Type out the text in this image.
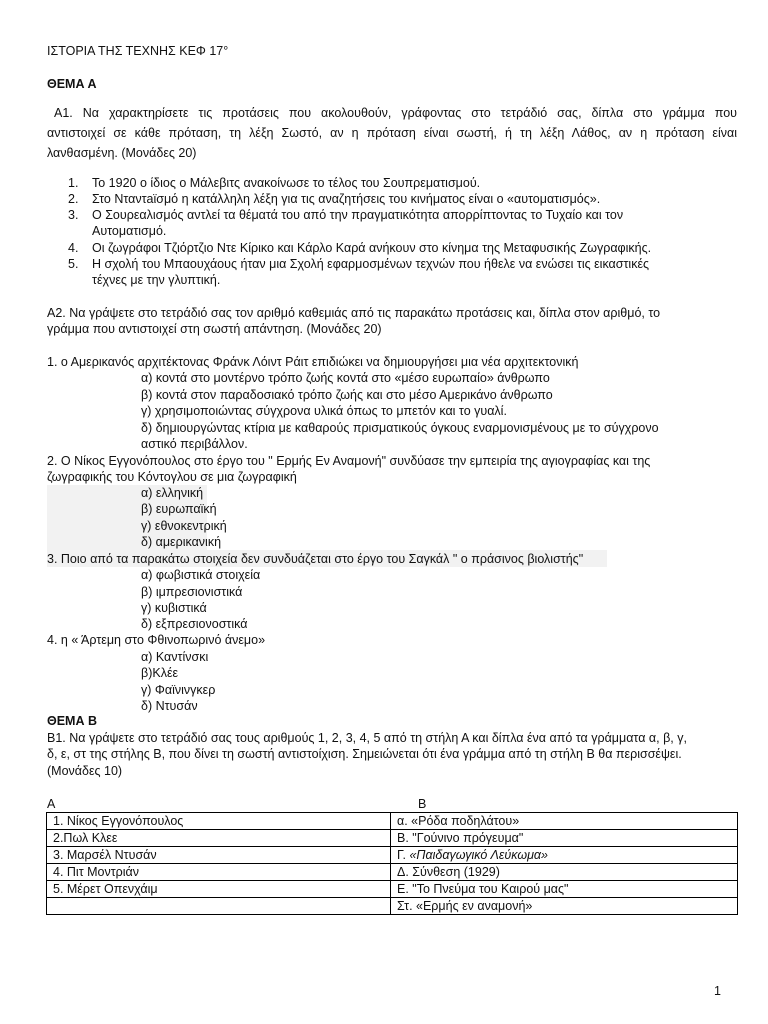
ΙΣΤΟΡΙΑ ΤΗΣ ΤΕΧΝΗΣ ΚΕΦ 17°
ΘΕΜΑ Α
A1. Να χαρακτηρίσετε τις προτάσεις που ακολουθούν, γράφοντας στο τετράδιό σας, δίπλα στο γράμμα που
αντιστοιχεί σε κάθε πρόταση, τη λέξη Σωστό, αν η πρόταση είναι σωστή, ή τη λέξη Λάθος, αν η πρόταση είναι
λανθασμένη. (Μονάδες 20)
1.	Το 1920 ο ίδιος ο Μάλεβιτς ανακοίνωσε το τέλος του Σουπρεματισμού.
2.	Στο Νταντaϊσμό η κατάλληλη λέξη για τις αναζητήσεις του κινήματος είναι ο «αυτοματισμός».
3.	Ο Σουρεαλισμός αντλεί τα θέματά του από την πραγματικότητα απορρίπτοντας το Τυχαίο και τον
Αυτοματισμό.
4.	Οι ζωγράφοι Τζιόρτζιο Ντε Κίρικο και Κάρλο Καρά ανήκουν στο κίνημα της Μεταφυσικής Ζωγραφικής.
5.	Η σχολή του Μπαουχάους ήταν μια Σχολή εφαρμοσμένων τεχνών που ήθελε να ενώσει τις εικαστικές
τέχνες με την γλυπτική.
A2. Να γράψετε στο τετράδιό σας τον αριθμό καθεμιάς από τις παρακάτω προτάσεις και, δίπλα στον αριθμό, το
γράμμα που αντιστοιχεί στη σωστή απάντηση. (Μονάδες 20)
1. ο Αμερικανός αρχιτέκτονας Φράνκ Λόιντ Ράιτ επιδιώκει να δημιουργήσει μια νέα αρχιτεκτονική
α) κοντά στο μοντέρνο τρόπο ζωής κοντά στο «μέσο ευρωπαίο» άνθρωπο
β) κοντά στον παραδοσιακό τρόπο ζωής και στο μέσο Αμερικάνο άνθρωπο
γ) χρησιμοποιώντας σύγχρονα υλικά όπως το μπετόν και το γυαλί.
δ) δημιουργώντας κτίρια με καθαρούς πρισματικούς όγκους εναρμονισμένους με το σύγχρονο
αστικό περιβάλλον.
2. Ο Νίκος Εγγονόπουλος στο έργο του " Ερμής Εν Αναμονή" συνδύασε την εμπειρία της αγιογραφίας και της
ζωγραφικής του Κόντογλου σε μια ζωγραφική
α) ελληνική
β) ευρωπαϊκή
γ) εθνοκεντρική
δ) αμερικανική
3. Ποιο από τα παρακάτω στοιχεία δεν συνδυάζεται στο έργο του Σαγκάλ " ο πράσινος βιολιστής"
α) φωβιστικά στοιχεία
β) ιμπρεσιονιστικά
γ) κυβιστικά
δ) εξπρεσιονοστικά
4. η « Άρτεμη στο Φθινοπωρινό άνεμο»
α) Καντίνσκι
β)Κλέε
γ) Φαϊνινγκερ
δ) Ντυσάν
ΘΕΜΑ Β
Β1. Να γράψετε στο τετράδιό σας τους αριθμούς 1, 2, 3, 4, 5 από τη στήλη Α και δίπλα ένα από τα γράμματα α, β, γ,
δ, ε, στ της στήλης Β, που δίνει τη σωστή αντιστοίχιση. Σημειώνεται ότι ένα γράμμα από τη στήλη Β θα περισσέψει.
(Μονάδες 10)
A	B
1. Νίκος Εγγονόπουλος	α. «Ρόδα ποδηλάτου»
2.Πωλ Κλεε	Β. "Γούνινο πρόγευμα"
3. Μαρσέλ Ντυσάν	Γ. «Παιδαγωγικό Λεύκωμα»
4. Πιτ Μοντριάν	Δ. Σύνθεση (1929)
5. Μέρετ Οπενχάιμ	Ε. "Το Πνεύμα του Καιρού μας"
	Στ. «Ερμής εν αναμονή»
1
